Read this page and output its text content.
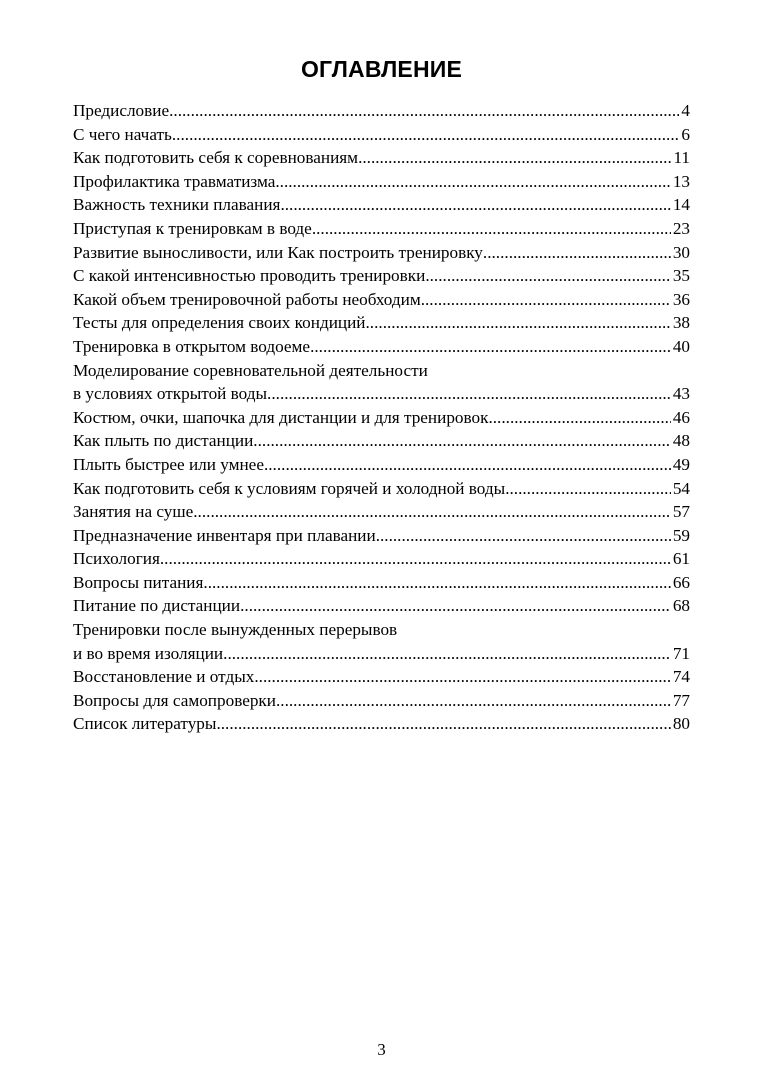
ОГЛАВЛЕНИЕ
Предисловие .....	4
С чего начать .....	6
Как подготовить себя к соревнованиям .....	11
Профилактика травматизма .....	13
Важность техники плавания .....	14
Приступая к тренировкам в воде .....	23
Развитие выносливости, или Как построить тренировку .....	30
С какой интенсивностью проводить тренировки .....	35
Какой объем тренировочной работы необходим .....	36
Тесты для определения своих кондиций .....	38
Тренировка в открытом водоеме .....	40
Моделирование соревновательной деятельности
в условиях открытой воды .....	43
Костюм, очки, шапочка для дистанции и для тренировок .....	46
Как плыть по дистанции .....	48
Плыть быстрее или умнее .....	49
Как подготовить себя к условиям горячей и холодной воды .....	54
Занятия на суше .....	57
Предназначение инвентаря при плавании .....	59
Психология .....	61
Вопросы питания .....	66
Питание по дистанции .....	68
Тренировки после вынужденных перерывов
и во время изоляции .....	71
Восстановление и отдых .....	74
Вопросы для самопроверки .....	77
Список литературы .....	80
3
